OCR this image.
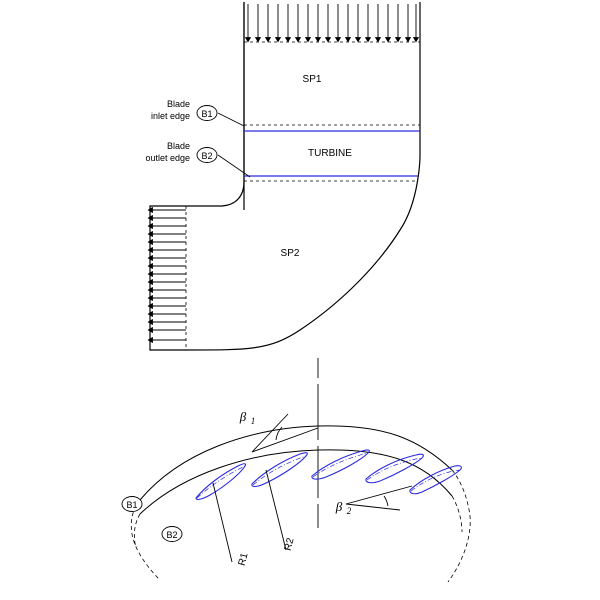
SP1
TURBINE
SP2
Blade
inlet edge
Blade
outlet edge
B1
B2
B1
B2
β 1
β 2
R1
R2
